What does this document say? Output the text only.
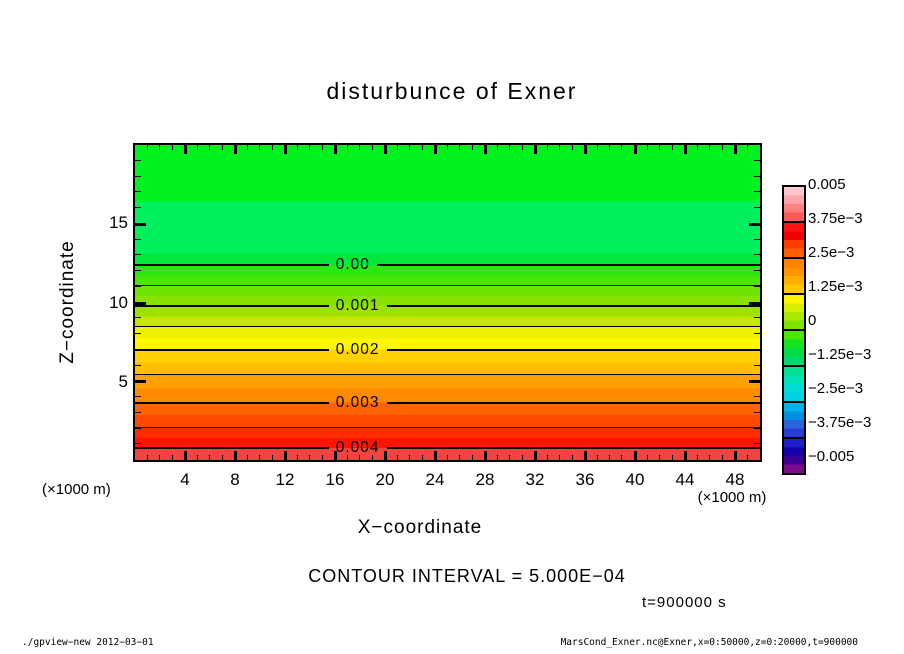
disturbunce of Exner
Z−coordinate
(×1000 m)
0.00
0.001
0.002
0.003
0.004
(×1000 m)
X−coordinate
CONTOUR INTERVAL = 5.000E−04
t=900000 s
./gpview−new 2012−03−01	MarsCond_Exner.nc@Exner,x=0:50000,z=0:20000,t=900000
4 8 12 16 20 24 28 32 36 40 44 48
5
10
15
0.005
3.75e−3
2.5e−3
1.25e−3
0
−1.25e−3
−2.5e−3
−3.75e−3
−0.005
